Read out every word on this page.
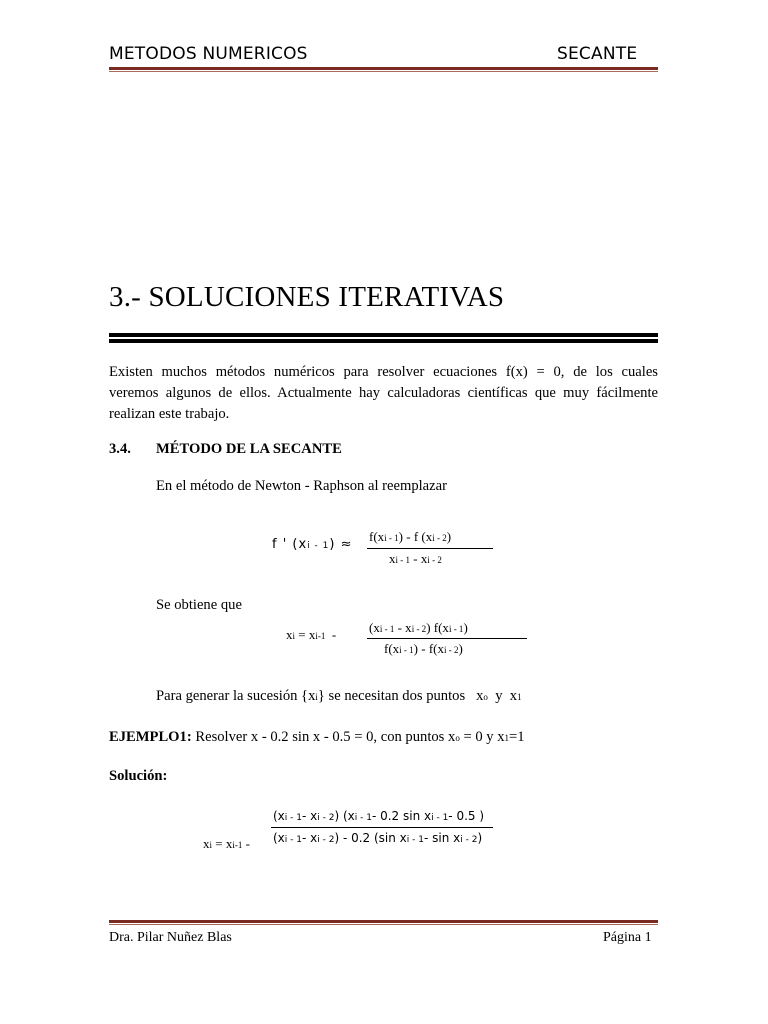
METODOS NUMERICOS	SECANTE
3.- SOLUCIONES ITERATIVAS
Existen muchos métodos numéricos para resolver ecuaciones f(x) = 0, de los cuales
veremos algunos de ellos. Actualmente hay calculadoras científicas que muy fácilmente
realizan este trabajo.
3.4. MÉTODO DE LA SECANTE
En el método de Newton - Raphson al reemplazar
f ' (xi - 1) ≈
f(xi - 1) - f (xi - 2)
xi - 1 - xi - 2
Se obtiene que
xi = xi-1 -	(xi - 1 - xi - 2) f(xi - 1)
f(xi - 1) - f(xi - 2)
Para generar la sucesión {xi} se necesitan dos puntos xo y x1
EJEMPLO1: Resolver x - 0.2 sin x - 0.5 = 0, con puntos xo = 0 y x1=1
Solución:
(xi - 1- xi - 2) (xi - 1- 0.2 sin xi - 1- 0.5 )
(xi - 1- xi - 2) - 0.2 (sin xi - 1- sin xi - 2)
xi = xi-1 -
Dra. Pilar Nuñez Blas	Página 1
